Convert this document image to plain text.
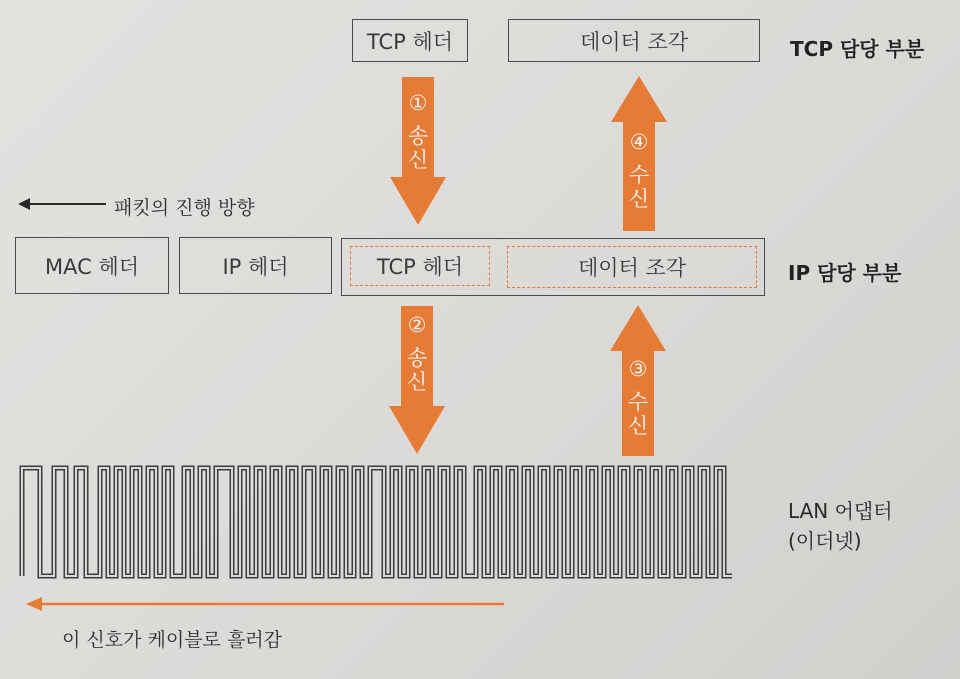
TCP 헤더	데이터 조각	TCP 담당 부분
①
송
신
④
수
신
패킷의 진행 방향
MAC 헤더	IP 헤더	TCP 헤더	데이터 조각	IP 담당 부분
②
송
신
③
수
신
LAN 어댑터
(이더넷)
이 신호가 케이블로 흘러감
